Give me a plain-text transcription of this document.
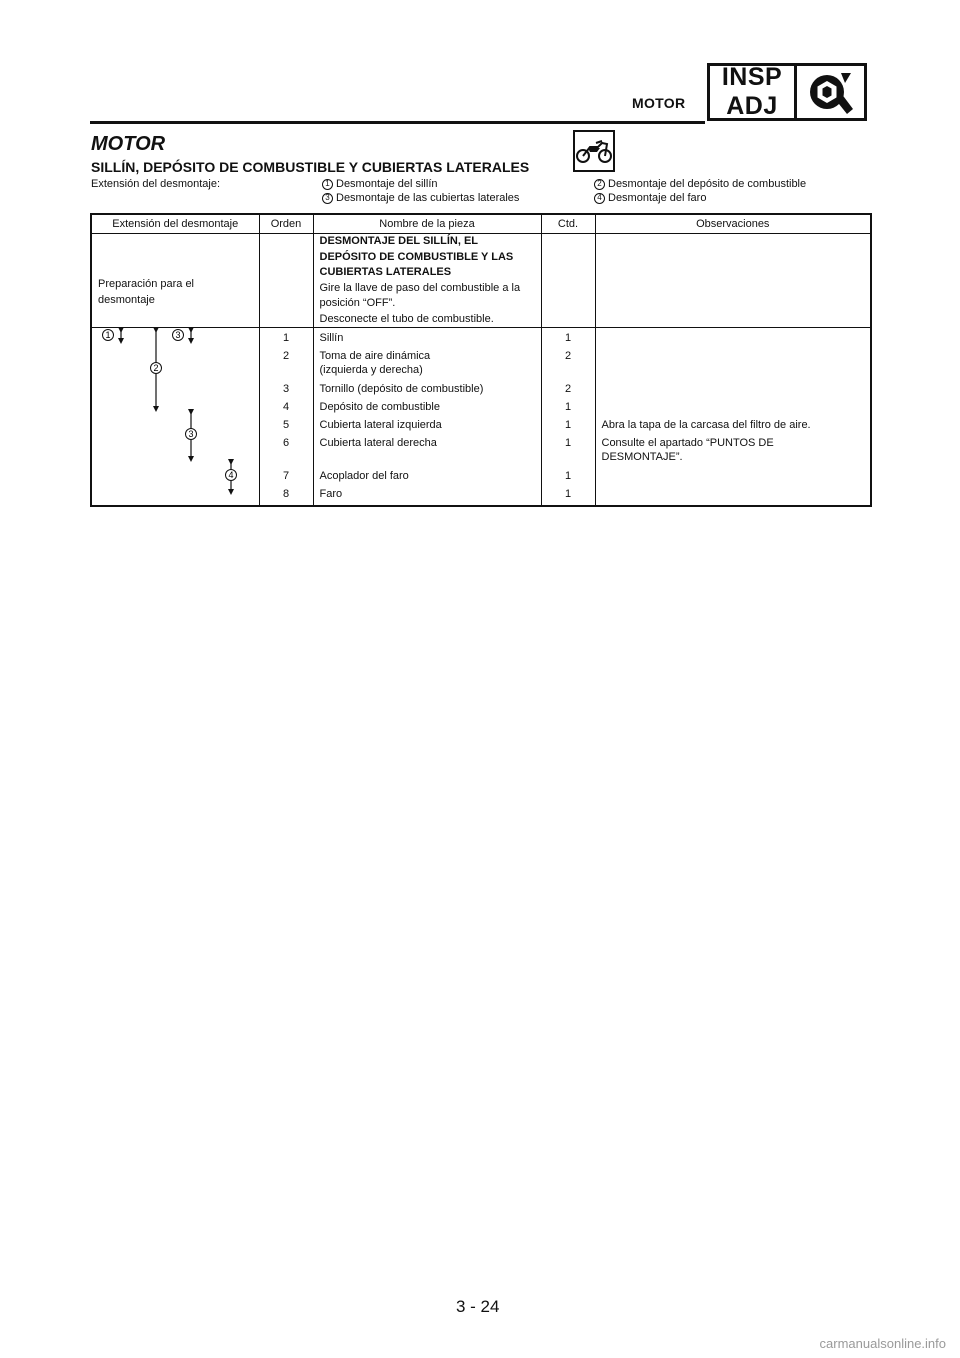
MOTOR
INSP
ADJ
MOTOR
SILLÍN, DEPÓSITO DE COMBUSTIBLE Y CUBIERTAS LATERALES
Extensión del desmontaje:	1 Desmontaje del sillín	2 Desmontaje del depósito de combustible
3 Desmontaje de las cubiertas laterales	4 Desmontaje del faro
Extensión del desmontaje	Orden	Nombre de la pieza	Ctd.	Observaciones
Preparación para el desmontaje		DESMONTAJE DEL SILLÍN, EL DEPÓSITO DE COMBUSTIBLE Y LAS CUBIERTAS LATERALES
Gire la llave de paso del combustible a la posición “OFF”.
Desconecte el tubo de combustible.		

	1	Sillín	1	
	2	Toma de aire dinámica (izquierda y derecha)	2	
	3	Tornillo (depósito de combustible)	2	
	4	Depósito de combustible	1	
	5	Cubierta lateral izquierda	1	Abra la tapa de la carcasa del filtro de aire.
	6	Cubierta lateral derecha	1	Consulte el apartado “PUNTOS DE DESMONTAJE”.
	7	Acoplador del faro	1	
	8	Faro	1	
1
2
3
3
4
3 - 24
carmanualsonline.info
